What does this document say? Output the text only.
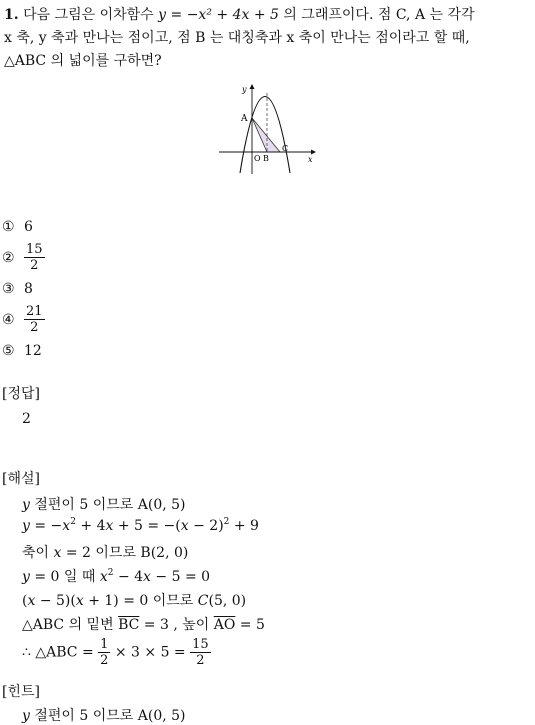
1. 다음 그림은 이차함수 y = −x² + 4x + 5 의 그래프이다. 점 C, A 는 각각
x 축, y 축과 만나는 점이고, 점 B 는 대칭축과 x 축이 만나는 점이라고 할 때,
△ABC 의 넓이를 구하면?
y
x
A
O B
C
① 6
② $\frac{15}{2}$
③ 8
④ $\frac{21}{2}$
⑤ 12
[정답]
2
[해설]
y 절편이 5 이므로 A(0, 5)
$y = -x^2 + 4x + 5 = -(x - 2)^2 + 9$
축이 x = 2 이므로 B(2, 0)
y = 0 일 때 $x^2 - 4x - 5 = 0$
(x − 5)(x + 1) = 0 이므로 C(5, 0)
△ABC 의 밑변 $\overline{BC} = 3$ , 높이 $\overline{AO} = 5$
∴ △ABC = $\frac{1}{2} \times 3 \times 5 = \frac{15}{2}$
[힌트]
y 절편이 5 이므로 A(0, 5)
